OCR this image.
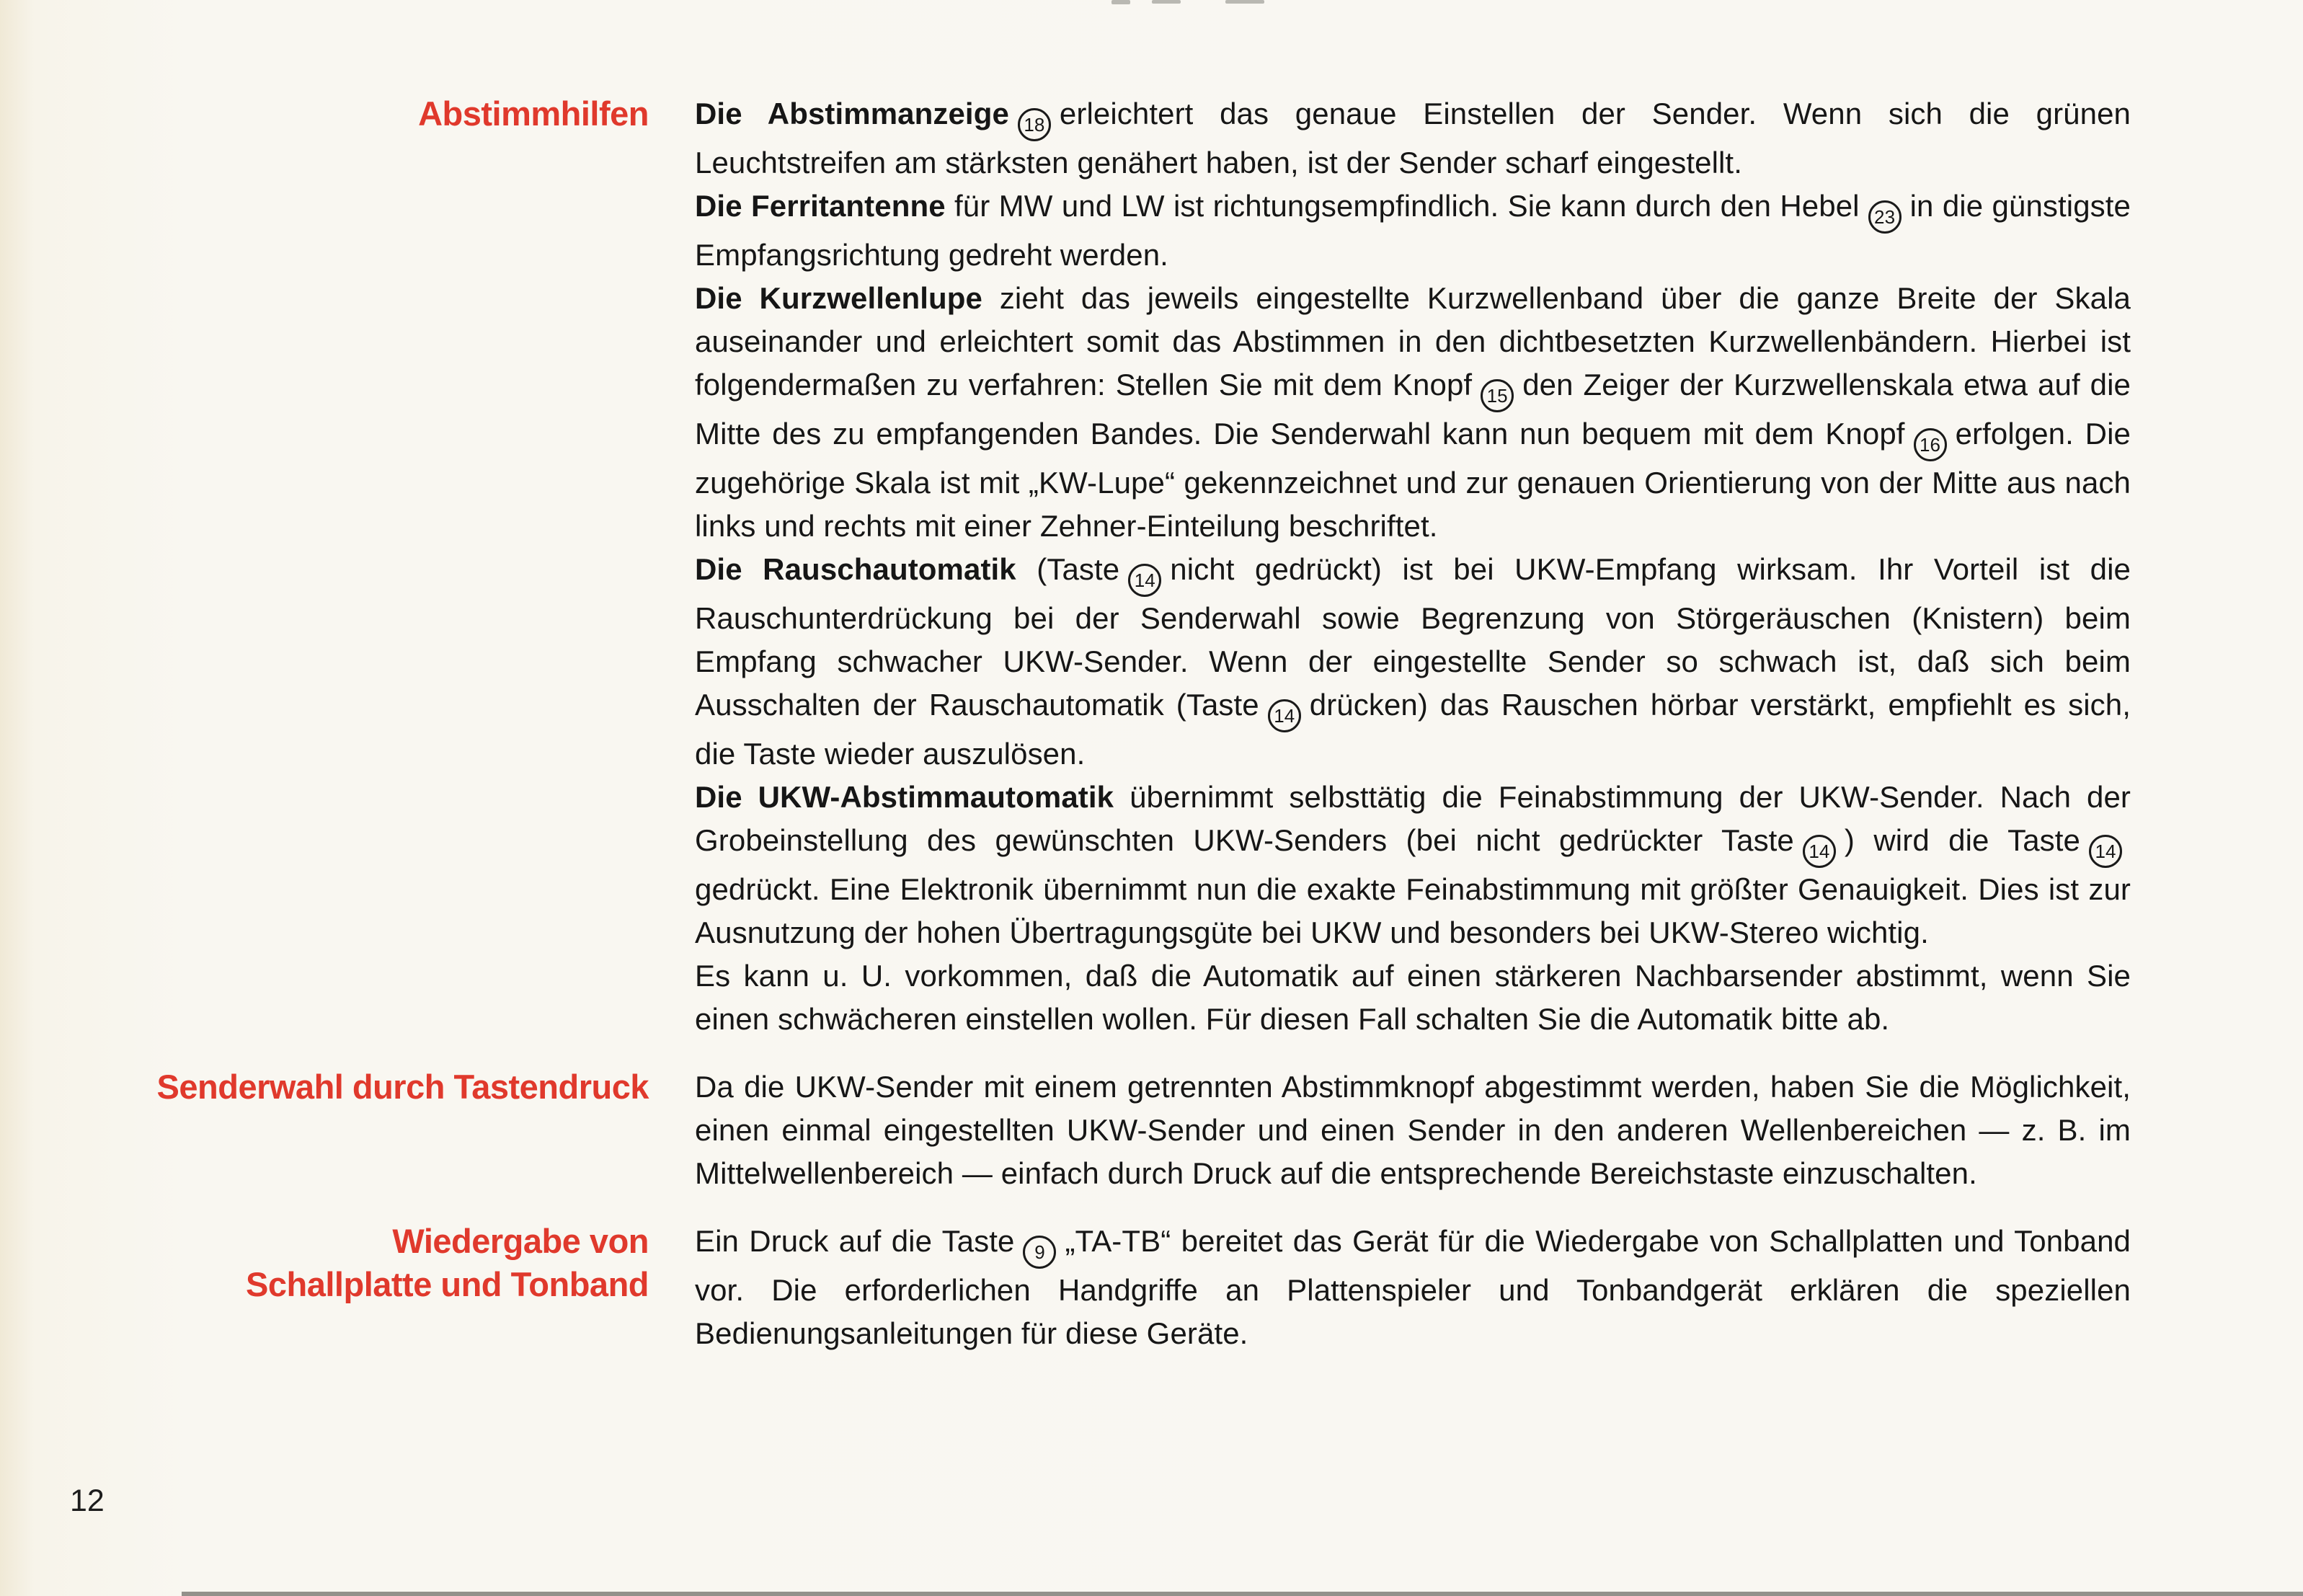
Abstimmhilfen Die Abstimmanzeige 18 erleichtert das genaue Einstellen der Sender. Wenn sich die grünen Leuchtstreifen am stärksten genähert haben, ist der Sender scharf eingestellt.

Die Ferritantenne für MW und LW ist richtungsempfindlich. Sie kann durch den Hebel 23 in die günstigste Empfangsrichtung gedreht werden.

Die Kurzwellenlupe zieht das jeweils eingestellte Kurzwellenband über die ganze Breite der Skala auseinander und erleichtert somit das Abstimmen in den dichtbesetzten Kurzwellenbändern. Hierbei ist folgendermaßen zu verfahren: Stellen Sie mit dem Knopf 15 den Zeiger der Kurzwellenskala etwa auf die Mitte des zu empfangenden Bandes. Die Senderwahl kann nun bequem mit dem Knopf 16 erfolgen. Die zugehörige Skala ist mit „KW-Lupe“ gekennzeichnet und zur genauen Orientierung von der Mitte aus nach links und rechts mit einer Zehner-Einteilung beschriftet.

Die Rauschautomatik (Taste 14 nicht gedrückt) ist bei UKW-Empfang wirksam. Ihr Vorteil ist die Rauschunterdrückung bei der Senderwahl sowie Begrenzung von Störgeräuschen (Knistern) beim Empfang schwacher UKW-Sender. Wenn der eingestellte Sender so schwach ist, daß sich beim Ausschalten der Rauschautomatik (Taste 14 drücken) das Rauschen hörbar verstärkt, empfiehlt es sich, die Taste wieder auszulösen.

Die UKW-Abstimmautomatik übernimmt selbsttätig die Feinabstimmung der UKW-Sender. Nach der Grobeinstellung des gewünschten UKW-Senders (bei nicht gedrückter Taste 14 ) wird die Taste 14gedrückt. Eine Elektronik übernimmt nun die exakte Feinabstimmung mit größter Genauigkeit. Dies ist zur Ausnutzung der hohen Übertragungsgüte bei UKW und besonders bei UKW-Stereo wichtig.

Es kann u. U. vorkommen, daß die Automatik auf einen stärkeren Nachbarsender abstimmt, wenn Sie einen schwächeren einstellen wollen. Für diesen Fall schalten Sie die Automatik bitte ab.

Senderwahl durch Tastendruck Da die UKW-Sender mit einem getrennten Abstimmknopf abgestimmt werden, haben Sie die Möglichkeit, einen einmal eingestellten UKW-Sender und einen Sender in den anderen Wellenbereichen — z. B. im Mittelwellenbereich — einfach durch Druck auf die entsprechende Bereichstaste einzuschalten.

Wiedergabe von
Schallplatte und Tonband

Ein Druck auf die Taste 9 „TA-TB“ bereitet das Gerät für die Wiedergabe von Schallplatten und Tonband vor. Die erforderlichen Handgriffe an Plattenspieler und Tonbandgerät erklären die speziellen Bedienungsanleitungen für diese Geräte.

12
